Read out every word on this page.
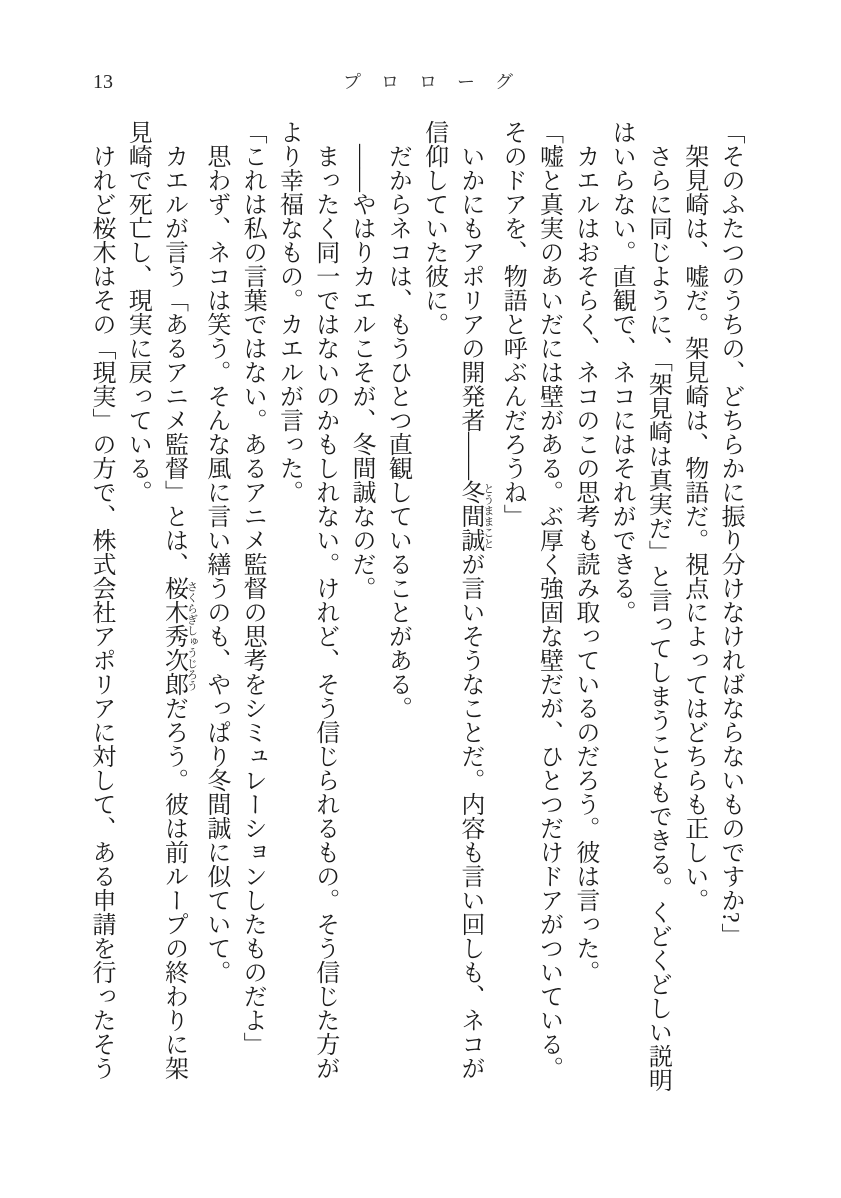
13	プロローグ

「そのふたつのうちの、どちらかに振り分けなければならないものですか?」

架見崎は、嘘だ。架見崎は、物語だ。視点によってはどちらも正しい。

さらに同じように、「架見崎は真実だ」と言ってしまうこともできる。くどくどしい説明はいらない。直観で、ネコにはそれができる。

カエルはおそらく、ネコのこの思考も読み取っているのだろう。彼は言った。

「嘘と真実のあいだには壁がある。ぶ厚く強固な壁だが、ひとつだけドアがついている。そのドアを、物語と呼ぶんだろうね」

いかにもアポリアの開発者——冬間誠 とうままことが言いそうなことだ。内容も言い回しも、ネコが信仰していた彼に。

だからネコは、もうひとつ直観していることがある。

——やはりカエルこそが、冬間誠なのだ。

まったく同一ではないのかもしれない。けれど、そう信じられるもの。そう信じた方がより幸福なもの。カエルが言った。

「これは私の言葉ではない。あるアニメ監督の思考をシミュレーションしたものだよ」

思わず、ネコは笑う。そんな風に言い繕うのも、やっぱり冬間誠に似ていて。

カエルが言う「あるアニメ監督」とは、桜木秀次郎 さくらぎしゅうじろうだろう。彼は前ループの終わりに架見崎で死亡し、現実に戻っている。

けれど桜木はその「現実」の方で、株式会社アポリアに対して、ある申請を行ったそう
